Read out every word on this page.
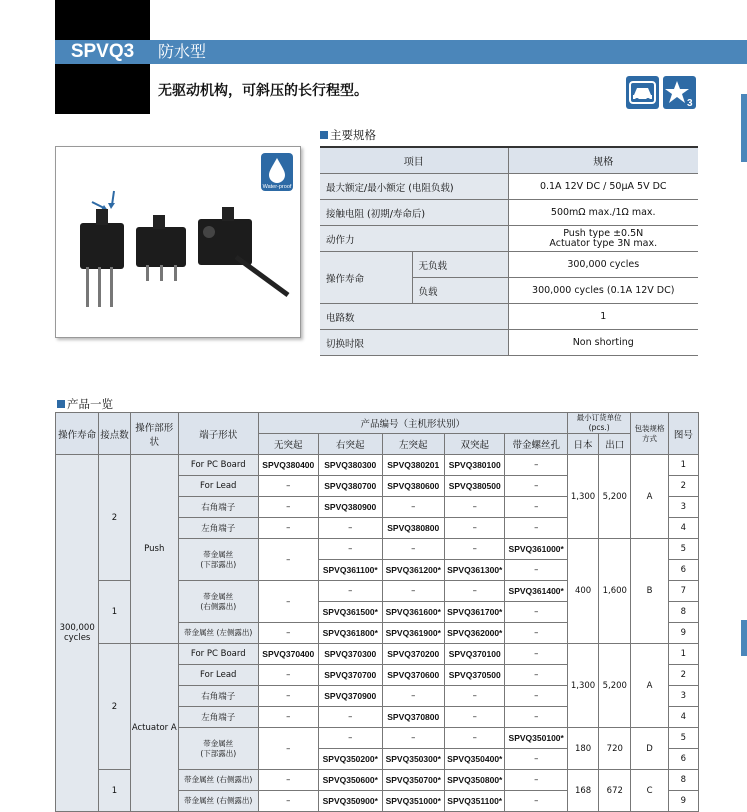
SPVQ3	防水型
无驱动机构，可斜压的长行程型。
3
Water-proof
主要规格
项目		规格
最大额定/最小额定 (电阻负载)		0.1A 12V DC / 50μA 5V DC
接触电阻 (初期/寿命后)		500mΩ max./1Ω max.
动作力		Push type ±0.5N
Actuator type 3N max.

操作寿命	无负载	300,000 cycles
	负载	300,000 cycles (0.1A 12V DC)
电路数		1
切换时限		Non shorting
产品一览
操作寿命	接点数	操作部形状	端子形状	产品编号（主机形状别）					最小订货单位 (pcs.)		包装规格方式	图号
				无突起	右突起	左突起	双突起	带金螺丝孔	日本	出口		

300,000
cycles	2	Push	For PC Board	SPVQ380400	SPVQ380300	SPVQ380201	SPVQ380100	–	1,300	5,200	A	1
			For Lead	–	SPVQ380700	SPVQ380600	SPVQ380500	–				2
			右角端子	–	SPVQ380900	–	–	–				3
			左角端子	–	–	SPVQ380800	–	–				4

			带金属丝
(下部露出)	–	–	–	–	SPVQ361000*	400	1,600	B	5
					SPVQ361100*	SPVQ361200*	SPVQ361300*	–				6
	1		带金属丝
(右侧露出)	–	–	–	–	SPVQ361400*				7
					SPVQ361500*	SPVQ361600*	SPVQ361700*	–				8
			带金属丝 (左侧露出)	–	SPVQ361800*	SPVQ361900*	SPVQ362000*	–				9
	2	Actuator A	For PC Board	SPVQ370400	SPVQ370300	SPVQ370200	SPVQ370100	–	1,300	5,200	A	1
			For Lead	–	SPVQ370700	SPVQ370600	SPVQ370500	–				2
			右角端子	–	SPVQ370900	–	–	–				3
			左角端子	–	–	SPVQ370800	–	–				4

			带金属丝
(下部露出)	–	–	–	–	SPVQ350100*	180	720	D	5
					SPVQ350200*	SPVQ350300*	SPVQ350400*	–				6
	1		带金属丝 (右侧露出)	–	SPVQ350600*	SPVQ350700*	SPVQ350800*	–	168	672	C	8
			带金属丝 (右侧露出)	–	SPVQ350900*	SPVQ351000*	SPVQ351100*	–				9
